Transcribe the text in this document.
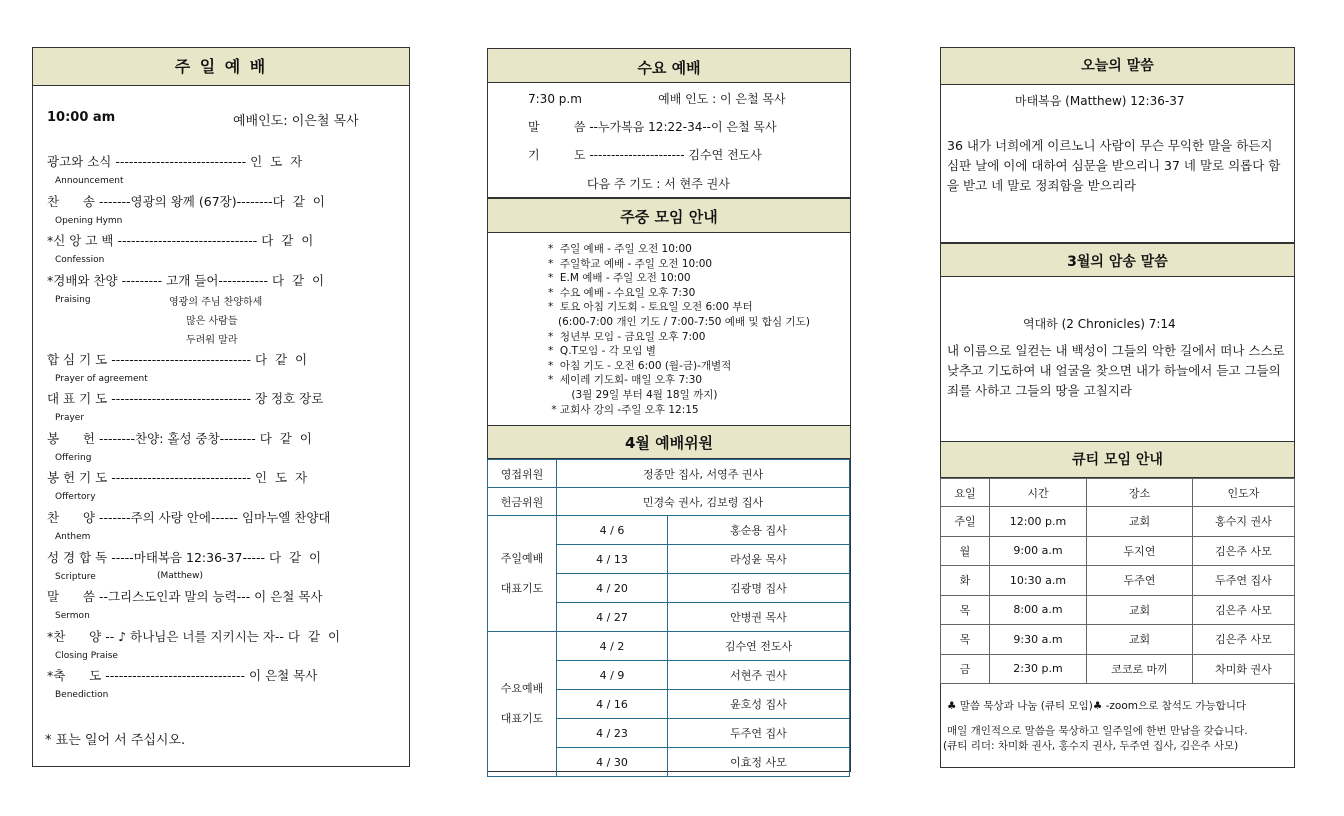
주 일 예 배
10:00 am	예배인도: 이은철 목사
광고와 소식 ----------------------------- 인  도  자
Announcement
찬      송 -------영광의 왕께 (67장)--------다  같  이
Opening Hymn
*신 앙 고 백 ------------------------------- 다  같  이
Confession
*경배와 찬양 --------- 고개 들어----------- 다  같  이
Praising
합 심 기 도 ------------------------------- 다  같  이
Prayer of agreement
대 표 기 도 ------------------------------- 장 정호 장로
Prayer
봉      헌 --------찬양: 홀성 중창-------- 다  같  이
Offering
봉 헌 기 도 ------------------------------- 인  도  자
Offertory
찬      양 -------주의 사랑 안에------ 임마누엘 찬양대
Anthem
성 경 합 독 -----마태복음 12:36-37----- 다  같  이
Scripture
말      씀 --그리스도인과 말의 능력--- 이 은철 목사
Sermon
*찬      양 -- ♪ 하나님은 너를 지키시는 자-- 다  같  이
Closing Praise
*축      도 ------------------------------- 이 은철 목사
Benediction
영광의 주님 찬양하세
많은 사람들
두려워 말라
(Matthew)
* 표는 일어 서 주십시오.
수요 예배
7:30 p.m                    예배 인도 : 이 은철 목사
말         씀 --누가복음 12:22-34--이 은철 목사
기         도 ---------------------- 김수연 전도사
다음 주 기도 : 서 현주 권사
주중 모임 안내
*  주일 예배 - 주일 오전 10:00
*  주일학교 예배 - 주일 오전 10:00
*  E.M 예배 - 주일 오전 10:00
*  수요 예배 - 수요일 오후 7:30
*  토요 아침 기도회 - 토요일 오전 6:00 부터
(6:00-7:00 개인 기도 / 7:00-7:50 예배 및 합심 기도)
*  청년부 모임 - 금요일 오후 7:00
*  Q.T모임 - 각 모임 별
*  아침 기도 - 오전 6:00 (월-금)-개별적
*  세이레 기도회- 매일 오후 7:30
(3월 29일 부터 4월 18일 까지)
* 교회사 강의 -주일 오후 12:15
4월 예배위원
영접위원	정종만 집사, 서영주 권사	
헌금위원	민경숙 권사, 김보령 집사	

주일예배
대표기도	4 / 6	홍순용 집사
	4 / 13	라성윤 목사
	4 / 20	김광명 집사
	4 / 27	안병권 목사

수요예배
대표기도	4 / 2	김수연 전도사
	4 / 9	서현주 권사
	4 / 16	윤호성 집사
	4 / 23	두주연 집사
	4 / 30	이효정 사모
오늘의 말씀
마태복음 (Matthew) 12:36-37
36 내가 너희에게 이르노니 사람이 무슨 무익한 말을 하든지 심판 날에 이에 대하여 심문을 받으리니 37 네 말로 의롭다 함을 받고 네 말로 정죄함을 받으리라
3월의 암송 말씀
역대하 (2 Chronicles) 7:14
내 이름으로 일컫는 내 백성이 그들의 악한 길에서 떠나 스스로 낮추고 기도하여 내 얼굴을 찾으면 내가 하늘에서 듣고 그들의 죄를 사하고 그들의 땅을 고칠지라
큐티 모임 안내
요일	시간	장소	인도자
주일	12:00 p.m	교회	홍수지 권사
월	9:00 a.m	두지연	김은주 사모
화	10:30 a.m	두주연	두주연 집사
목	8:00 a.m	교회	김은주 사모
목	9:30 a.m	교회	김은주 사모
금	2:30 p.m	코코로 마끼	차미화 권사
♣ 말씀 묵상과 나눔 (큐티 모임)♣ -zoom으로 참석도 가능합니다
매일 개인적으로 말씀을 묵상하고 일주일에 한번 만남을 갖습니다.
(큐티 리더: 차미화 권사, 홍수지 권사, 두주연 집사, 김은주 사모)
